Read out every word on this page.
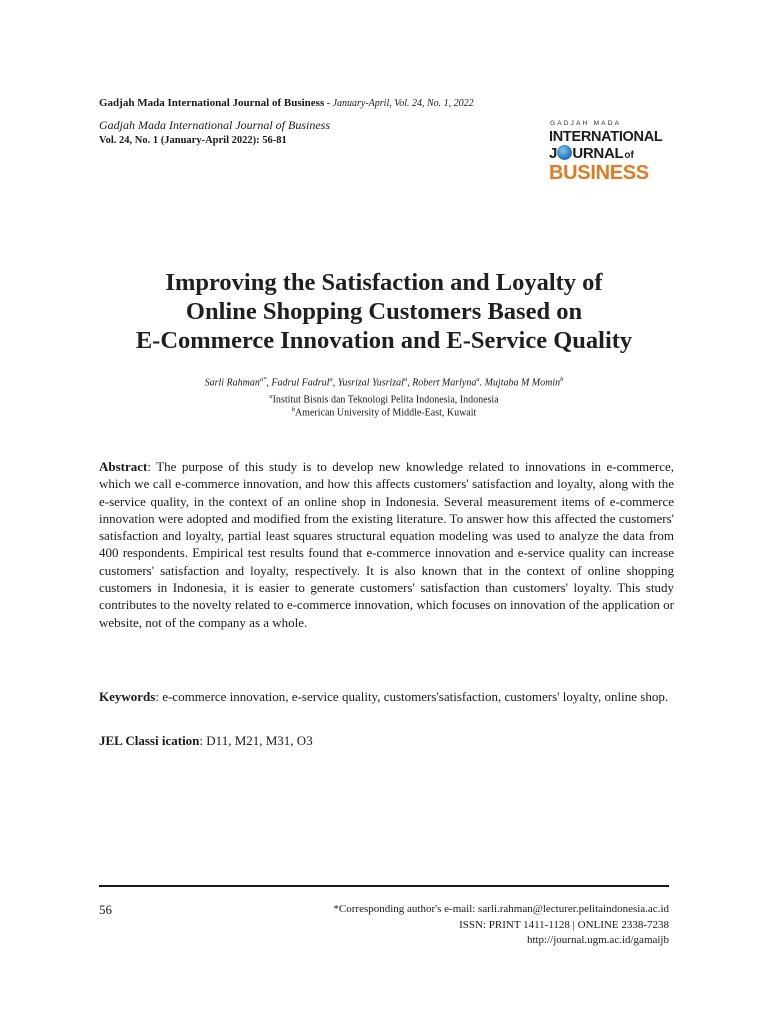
Gadjah Mada International Journal of Business - January-April, Vol. 24, No. 1, 2022
Gadjah Mada International Journal of Business
Vol. 24, No. 1 (January-April 2022): 56-81
GADJAH MADA
INTERNATIONAL
J URNALof
BUSINESS
Improving the Satisfaction and Loyalty of
Online Shopping Customers Based on
E-Commerce Innovation and E-Service Quality
Sarli Rahman$^{a*}$, Fadrul Fadrul$^a$, Yusrizal Yusrizal$^a$, Robert Marlyna$^a$. Mujtaba M Momin$^b$
$^a$Institut Bisnis dan Teknologi Pelita Indonesia, Indonesia
$^b$American University of Middle-East, Kuwait
Abstract: The purpose of this study is to develop new knowledge related to innovations in e-commerce, which we call e-commerce innovation, and how this affects customers' satisfaction and loyalty, along with the e-service quality, in the context of an online shop in Indonesia. Several measurement items of e-commerce innovation were adopted and modified from the existing literature. To answer how this affected the customers' satisfaction and loyalty, partial least squares structural equation modeling was used to analyze the data from 400 respondents. Empirical test results found that e-commerce innovation and e-service quality can increase customers' satisfaction and loyalty, respectively. It is also known that in the context of online shopping customers in Indonesia, it is easier to generate customers' satisfaction than customers' loyalty. This study contributes to the novelty related to e-commerce innovation, which focuses on innovation of the application or website, not of the company as a whole.
Keywords: e-commerce innovation, e-service quality, customers'satisfaction, customers' loyalty, online shop.
JEL Classi ication: D11, M21, M31, O3
56	*Corresponding author's e-mail: sarli.rahman@lecturer.pelitaindonesia.ac.id
ISSN: PRINT 1411-1128 | ONLINE 2338-7238
http://journal.ugm.ac.id/gamaijb
